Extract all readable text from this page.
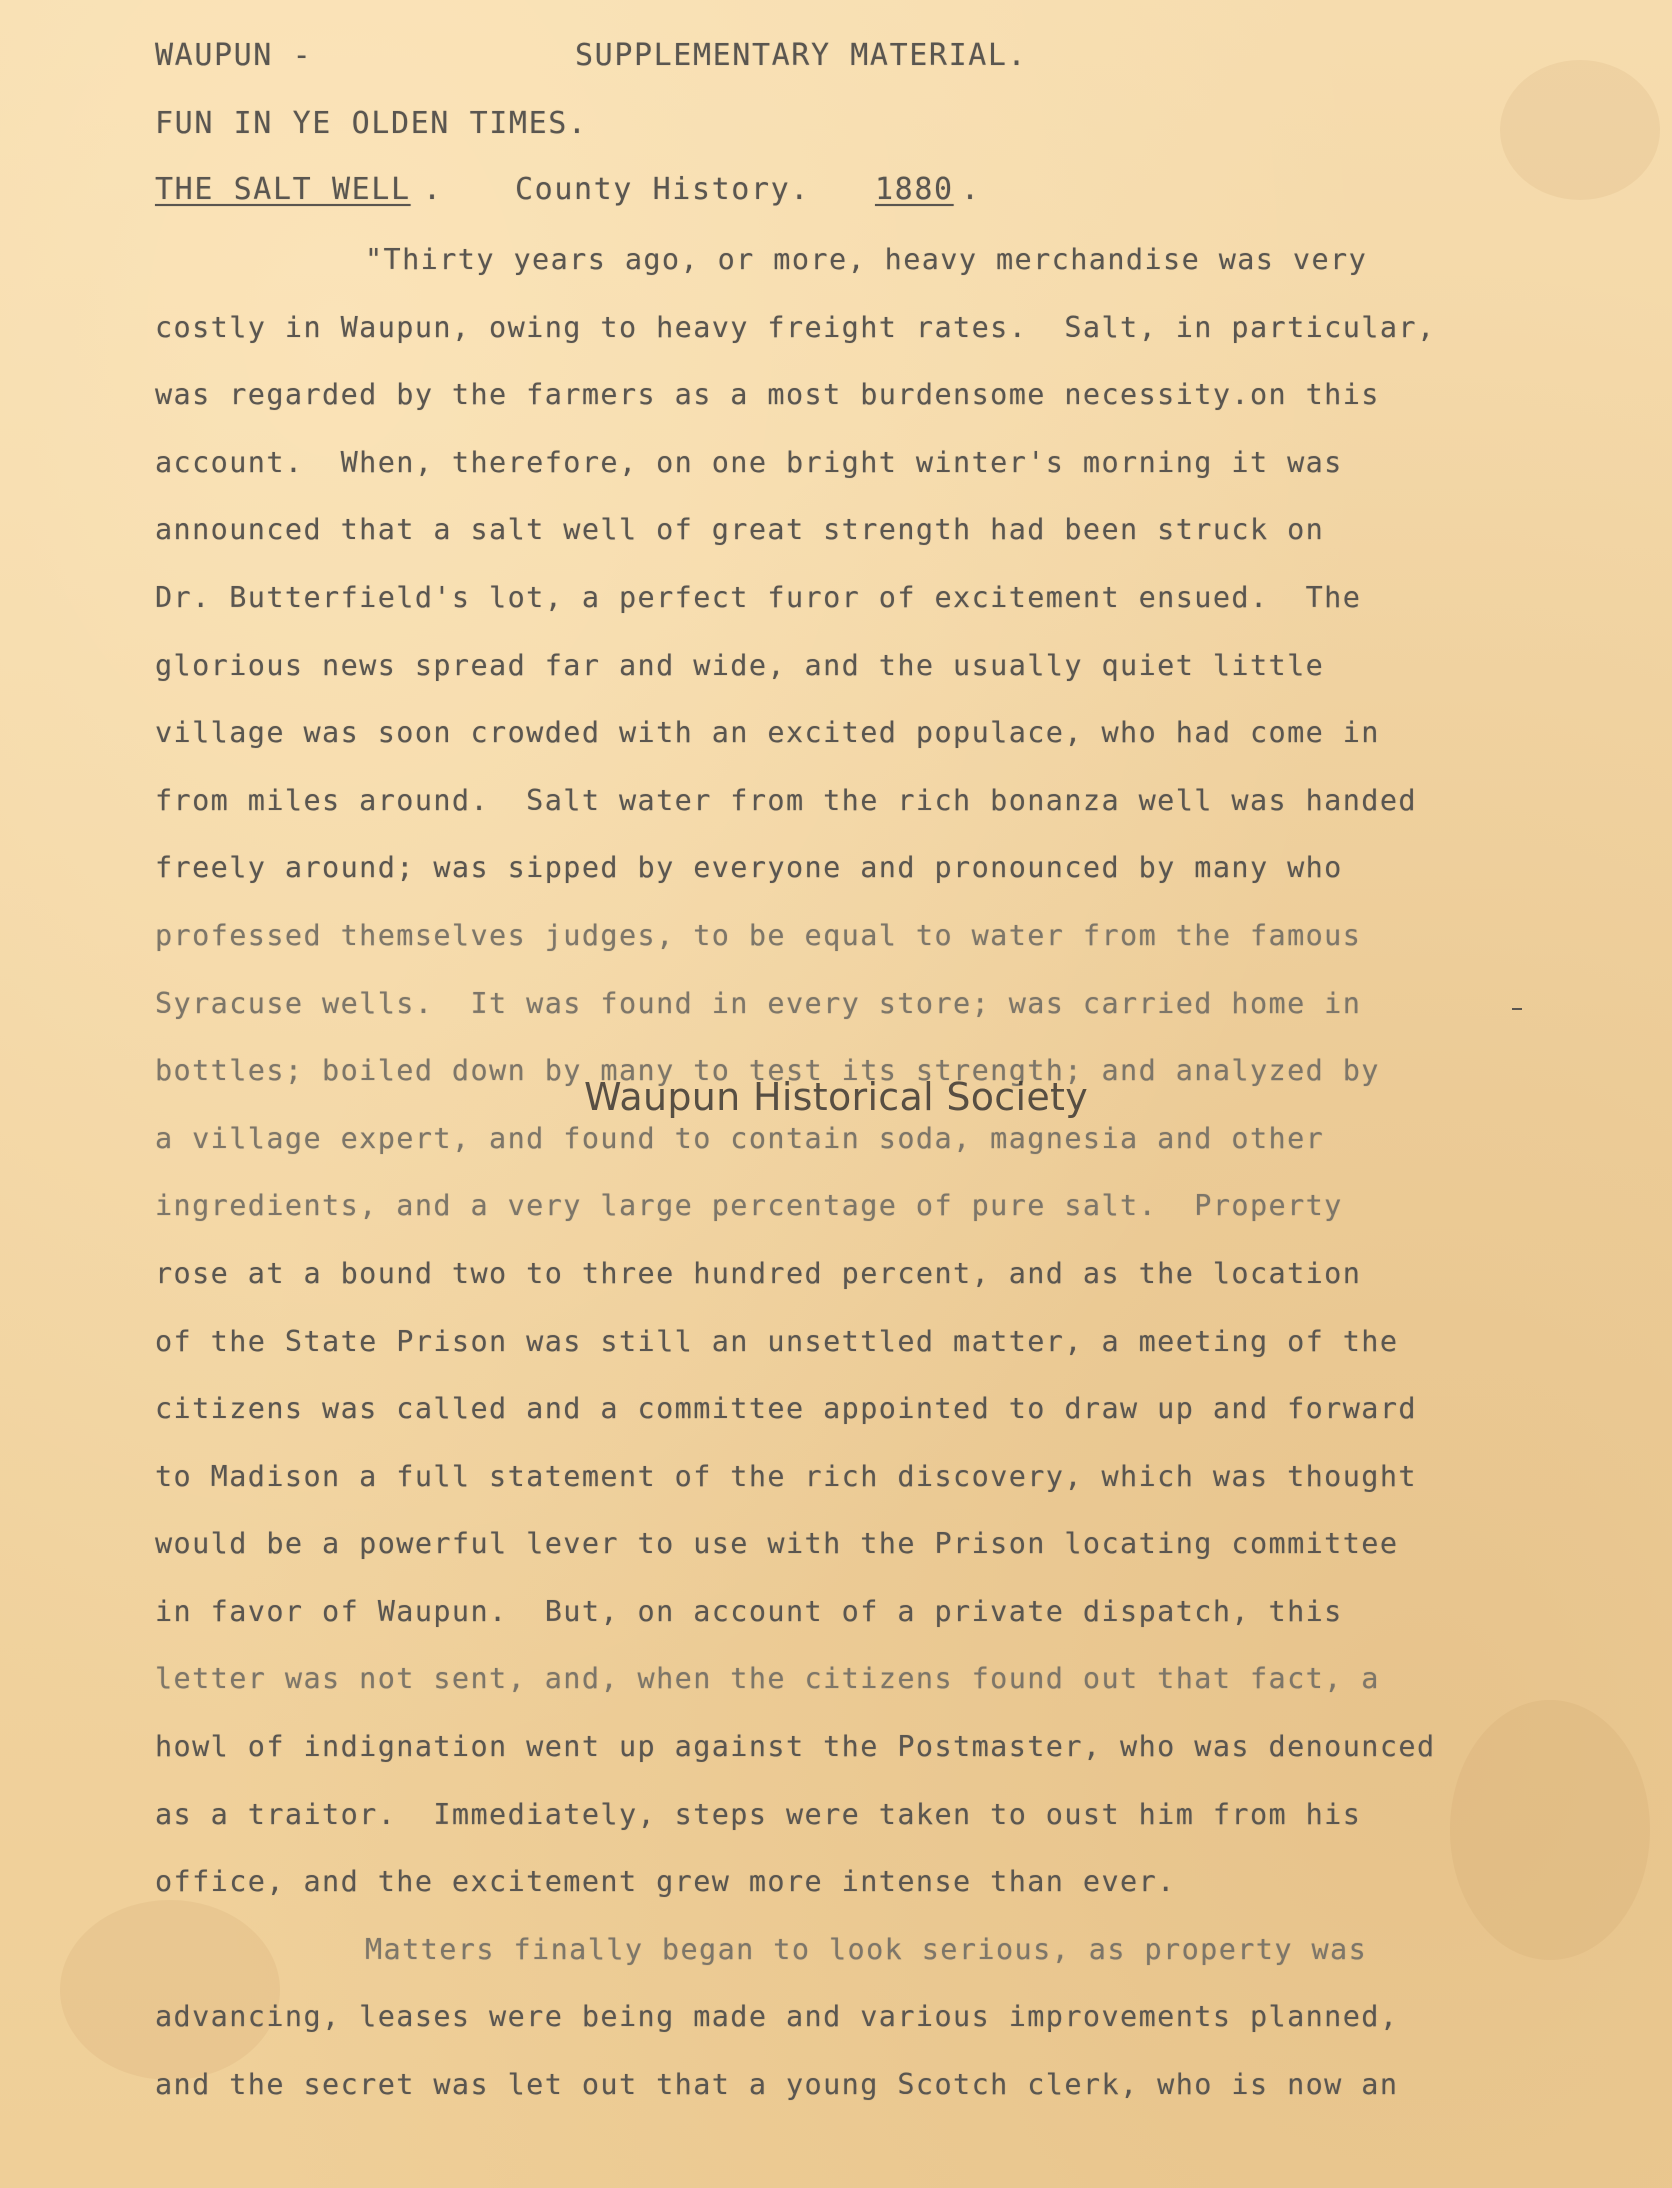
WAUPUN -	SUPPLEMENTARY MATERIAL.
FUN IN YE OLDEN TIMES.
THE SALT WELL . County History. 1880 .
"Thirty years ago, or more, heavy merchandise was very
costly in Waupun, owing to heavy freight rates.  Salt, in particular,
was regarded by the farmers as a most burdensome necessity.on this
account.  When, therefore, on one bright winter's morning it was
announced that a salt well of great strength had been struck on
Dr. Butterfield's lot, a perfect furor of excitement ensued.  The
glorious news spread far and wide, and the usually quiet little
village was soon crowded with an excited populace, who had come in
from miles around.  Salt water from the rich bonanza well was handed
freely around; was sipped by everyone and pronounced by many who
professed themselves judges, to be equal to water from the famous
Syracuse wells.  It was found in every store; was carried home in
bottles; boiled down by many to test its strength; and analyzed by
a village expert, and found to contain soda, magnesia and other
ingredients, and a very large percentage of pure salt.  Property
rose at a bound two to three hundred percent, and as the location
of the State Prison was still an unsettled matter, a meeting of the
citizens was called and a committee appointed to draw up and forward
to Madison a full statement of the rich discovery, which was thought
would be a powerful lever to use with the Prison locating committee
in favor of Waupun.  But, on account of a private dispatch, this
letter was not sent, and, when the citizens found out that fact, a
howl of indignation went up against the Postmaster, who was denounced
as a traitor.  Immediately, steps were taken to oust him from his
office, and the excitement grew more intense than ever.
Matters finally began to look serious, as property was
advancing, leases were being made and various improvements planned,
and the secret was let out that a young Scotch clerk, who is now an
Waupun Historical Society
